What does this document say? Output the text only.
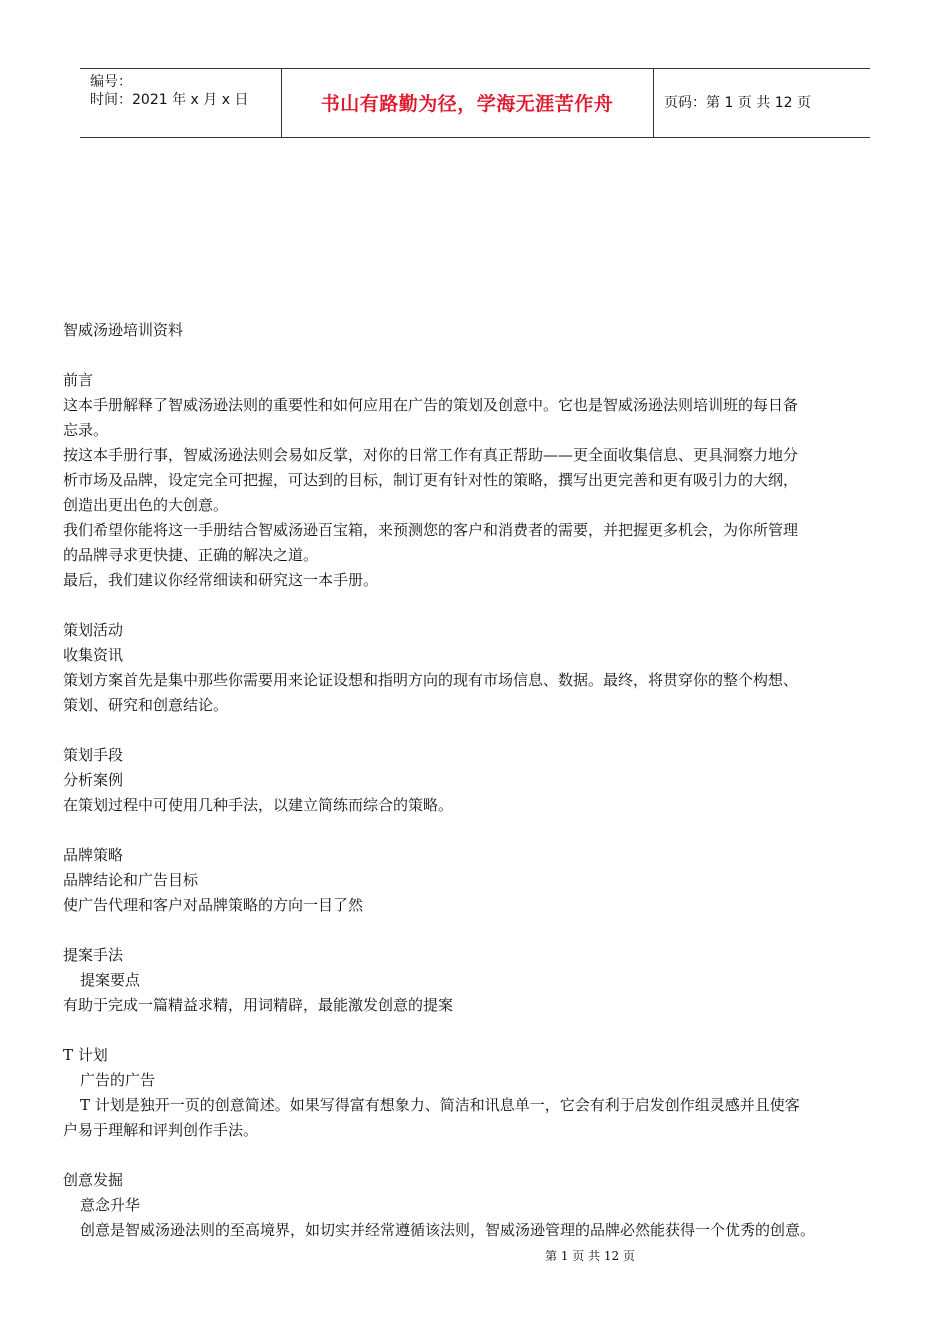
编号：
时间：2021 年 x 月 x 日	书山有路勤为径，学海无涯苦作舟	页码：第 1 页 共 12 页

智威汤逊培训资料

前言

这本手册解释了智威汤逊法则的重要性和如何应用在广告的策划及创意中。它也是智威汤逊法则培训班的每日备

忘录。

按这本手册行事，智威汤逊法则会易如反掌，对你的日常工作有真正帮助——更全面收集信息、更具洞察力地分

析市场及品牌，设定完全可把握，可达到的目标，制订更有针对性的策略，撰写出更完善和更有吸引力的大纲，

创造出更出色的大创意。

我们希望你能将这一手册结合智威汤逊百宝箱，来预测您的客户和消费者的需要，并把握更多机会，为你所管理

的品牌寻求更快捷、正确的解决之道。

最后，我们建议你经常细读和研究这一本手册。

策划活动

收集资讯

策划方案首先是集中那些你需要用来论证设想和指明方向的现有市场信息、数据。最终，将贯穿你的整个构想、

策划、研究和创意结论。

策划手段

分析案例

在策划过程中可使用几种手法，以建立简练而综合的策略。

品牌策略

品牌结论和广告目标

使广告代理和客户对品牌策略的方向一目了然

提案手法

提案要点

有助于完成一篇精益求精，用词精辟，最能激发创意的提案

T 计划

广告的广告

T 计划是独开一页的创意简述。如果写得富有想象力、简洁和讯息单一，它会有利于启发创作组灵感并且使客

户易于理解和评判创作手法。

创意发掘

意念升华

创意是智威汤逊法则的至高境界，如切实并经常遵循该法则，智威汤逊管理的品牌必然能获得一个优秀的创意。

第 1 页 共 12 页
